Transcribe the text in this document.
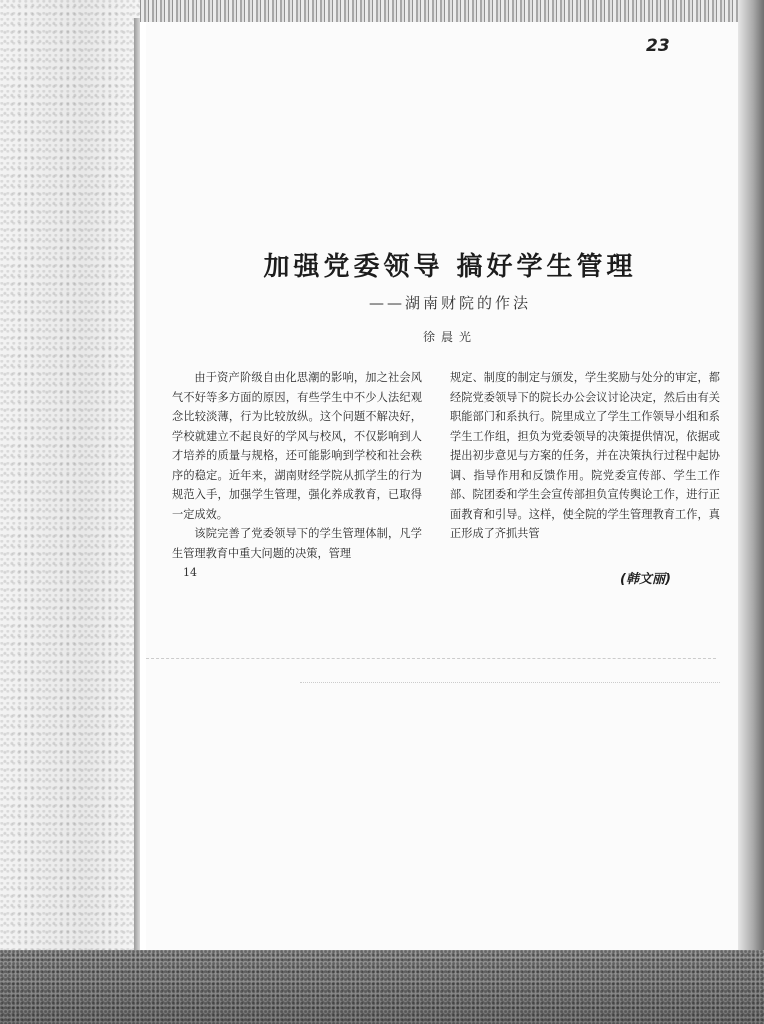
23
加强党委领导 搞好学生管理
——湖南财院的作法
徐晨光

由于资产阶级自由化思潮的影响，加之社会风气不好等多方面的原因，有些学生中不少人法纪观念比较淡薄，行为比较放纵。这个问题不解决好，学校就建立不起良好的学风与校风，不仅影响到人才培养的质量与规格，还可能影响到学校和社会秩序的稳定。近年来，湖南财经学院从抓学生的行为规范入手，加强学生管理，强化养成教育，已取得一定成效。

该院完善了党委领导下的学生管理体制，凡学生管理教育中重大问题的决策，管理

规定、制度的制定与颁发，学生奖励与处分的审定，都经院党委领导下的院长办公会议讨论决定，然后由有关职能部门和系执行。院里成立了学生工作领导小组和系学生工作组，担负为党委领导的决策提供情况，依据或提出初步意见与方案的任务，并在决策执行过程中起协调、指导作用和反馈作用。院党委宣传部、学生工作部、院团委和学生会宣传部担负宣传舆论工作，进行正面教育和引导。这样，使全院的学生管理教育工作，真正形成了齐抓共管

14	(韩文丽)
